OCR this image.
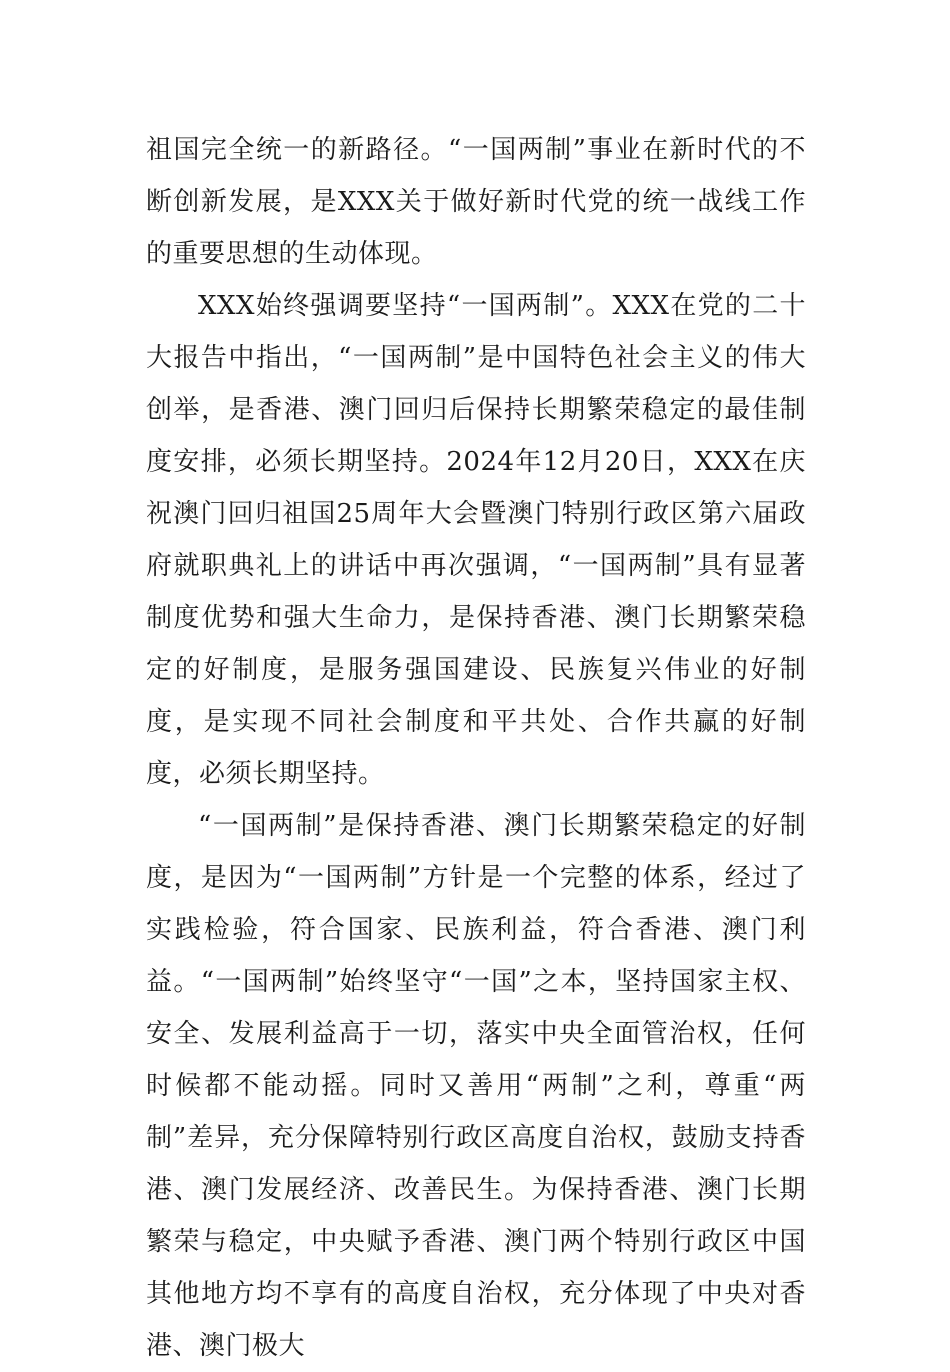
祖国完全统一的新路径。“一国两制”事业在新时代的不断创新发展，是XXX关于做好新时代党的统一战线工作的重要思想的生动体现。

XXX始终强调要坚持“一国两制”。XXX在党的二十大报告中指出，“一国两制”是中国特色社会主义的伟大创举，是香港、澳门回归后保持长期繁荣稳定的最佳制度安排，必须长期坚持。2024年12月20日，XXX在庆祝澳门回归祖国25周年大会暨澳门特别行政区第六届政府就职典礼上的讲话中再次强调，“一国两制”具有显著制度优势和强大生命力，是保持香港、澳门长期繁荣稳定的好制度，是服务强国建设、民族复兴伟业的好制度，是实现不同社会制度和平共处、合作共赢的好制度，必须长期坚持。

“一国两制”是保持香港、澳门长期繁荣稳定的好制度，是因为“一国两制”方针是一个完整的体系，经过了实践检验，符合国家、民族利益，符合香港、澳门利益。“一国两制”始终坚守“一国”之本，坚持国家主权、安全、发展利益高于一切，落实中央全面管治权，任何时候都不能动摇。同时又善用“两制”之利，尊重“两制”差异，充分保障特别行政区高度自治权，鼓励支持香港、澳门发展经济、改善民生。为保持香港、澳门长期繁荣与稳定，中央赋予香港、澳门两个特别行政区中国其他地方均不享有的高度自治权，充分体现了中央对香港、澳门极大
